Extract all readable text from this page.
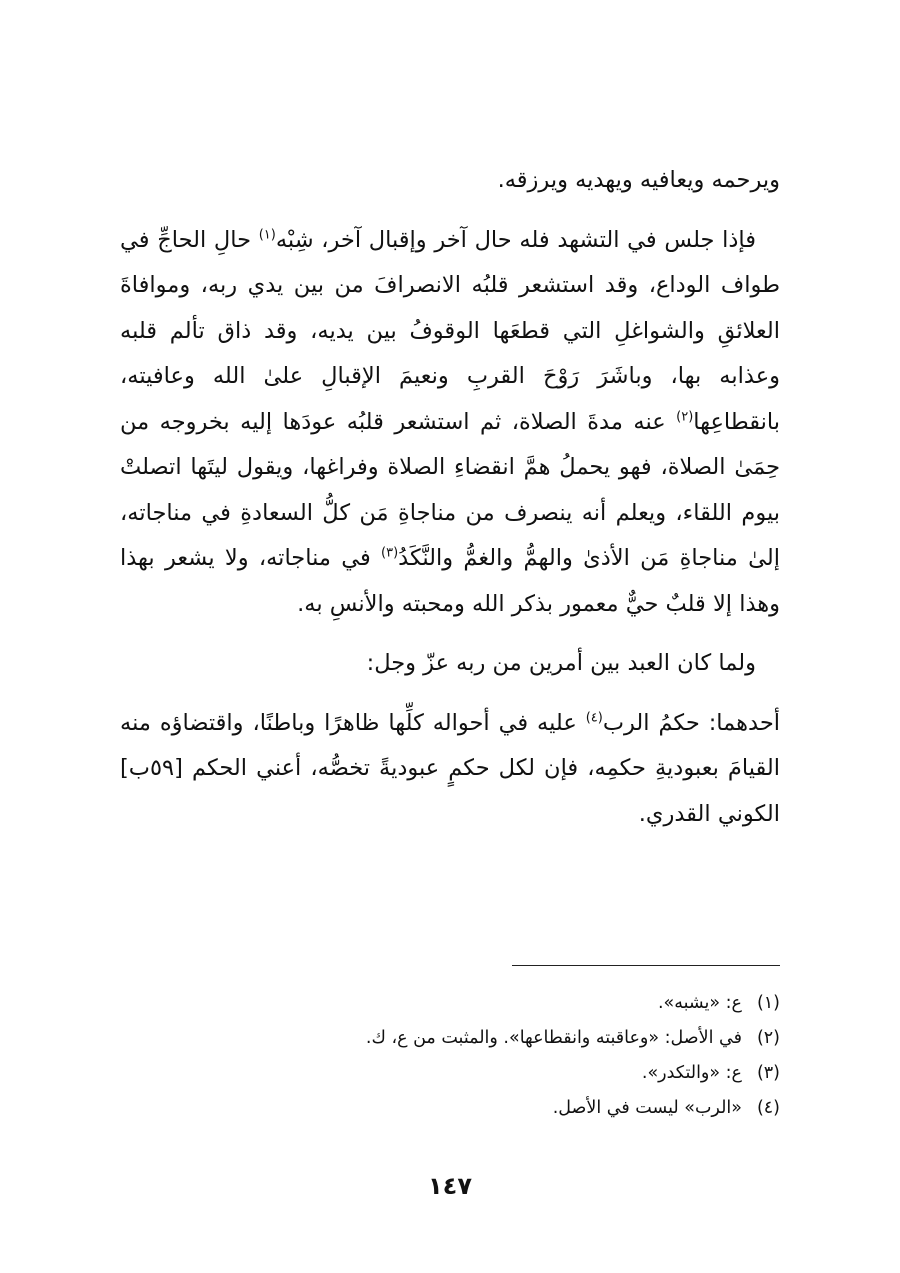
ويرحمه ويعافيه ويهديه ويرزقه.

فإذا جلس في التشهد فله حال آخر وإقبال آخر، شِبْه$^{(١)}$ حالِ الحاجِّ في طواف الوداع، وقد استشعر قلبُه الانصرافَ من بين يدي ربه، وموافاةَ العلائقِ والشواغلِ التي قطعَها الوقوفُ بين يديه، وقد ذاق تألم قلبه وعذابه بها، وباشَرَ رَوْحَ القربِ ونعيمَ الإقبالِ علىٰ الله وعافيته، بانقطاعِها$^{(٢)}$ عنه مدةَ الصلاة، ثم استشعر قلبُه عودَها إليه بخروجه من حِمَىٰ الصلاة، فهو يحملُ همَّ انقضاءِ الصلاة وفراغها، ويقول ليتَها اتصلتْ بيوم اللقاء، ويعلم أنه ينصرف من مناجاةِ مَن كلُّ السعادةِ في مناجاته، إلىٰ مناجاةِ مَن الأذىٰ والهمُّ والغمُّ والنَّكَدُ$^{(٣)}$ في مناجاته، ولا يشعر بهذا وهذا إلا قلبٌ حيٌّ معمور بذكر الله ومحبته والأنسِ به.

ولما كان العبد بين أمرين من ربه عزّ وجل:

أحدهما: حكمُ الرب$^{(٤)}$ عليه في أحواله كلِّها ظاهرًا وباطنًا، واقتضاؤه منه القيامَ بعبوديةِ حكمِه، فإن لكل حكمٍ عبوديةً تخصُّه، أعني الحكم [٥٩ب] الكوني القدري.

(١)ع: «يشبه».

(٢)في الأصل: «وعاقبته وانقطاعها». والمثبت من ع، ك.

(٣)ع: «والتكدر».

(٤)«الرب» ليست في الأصل.

١٤٧
